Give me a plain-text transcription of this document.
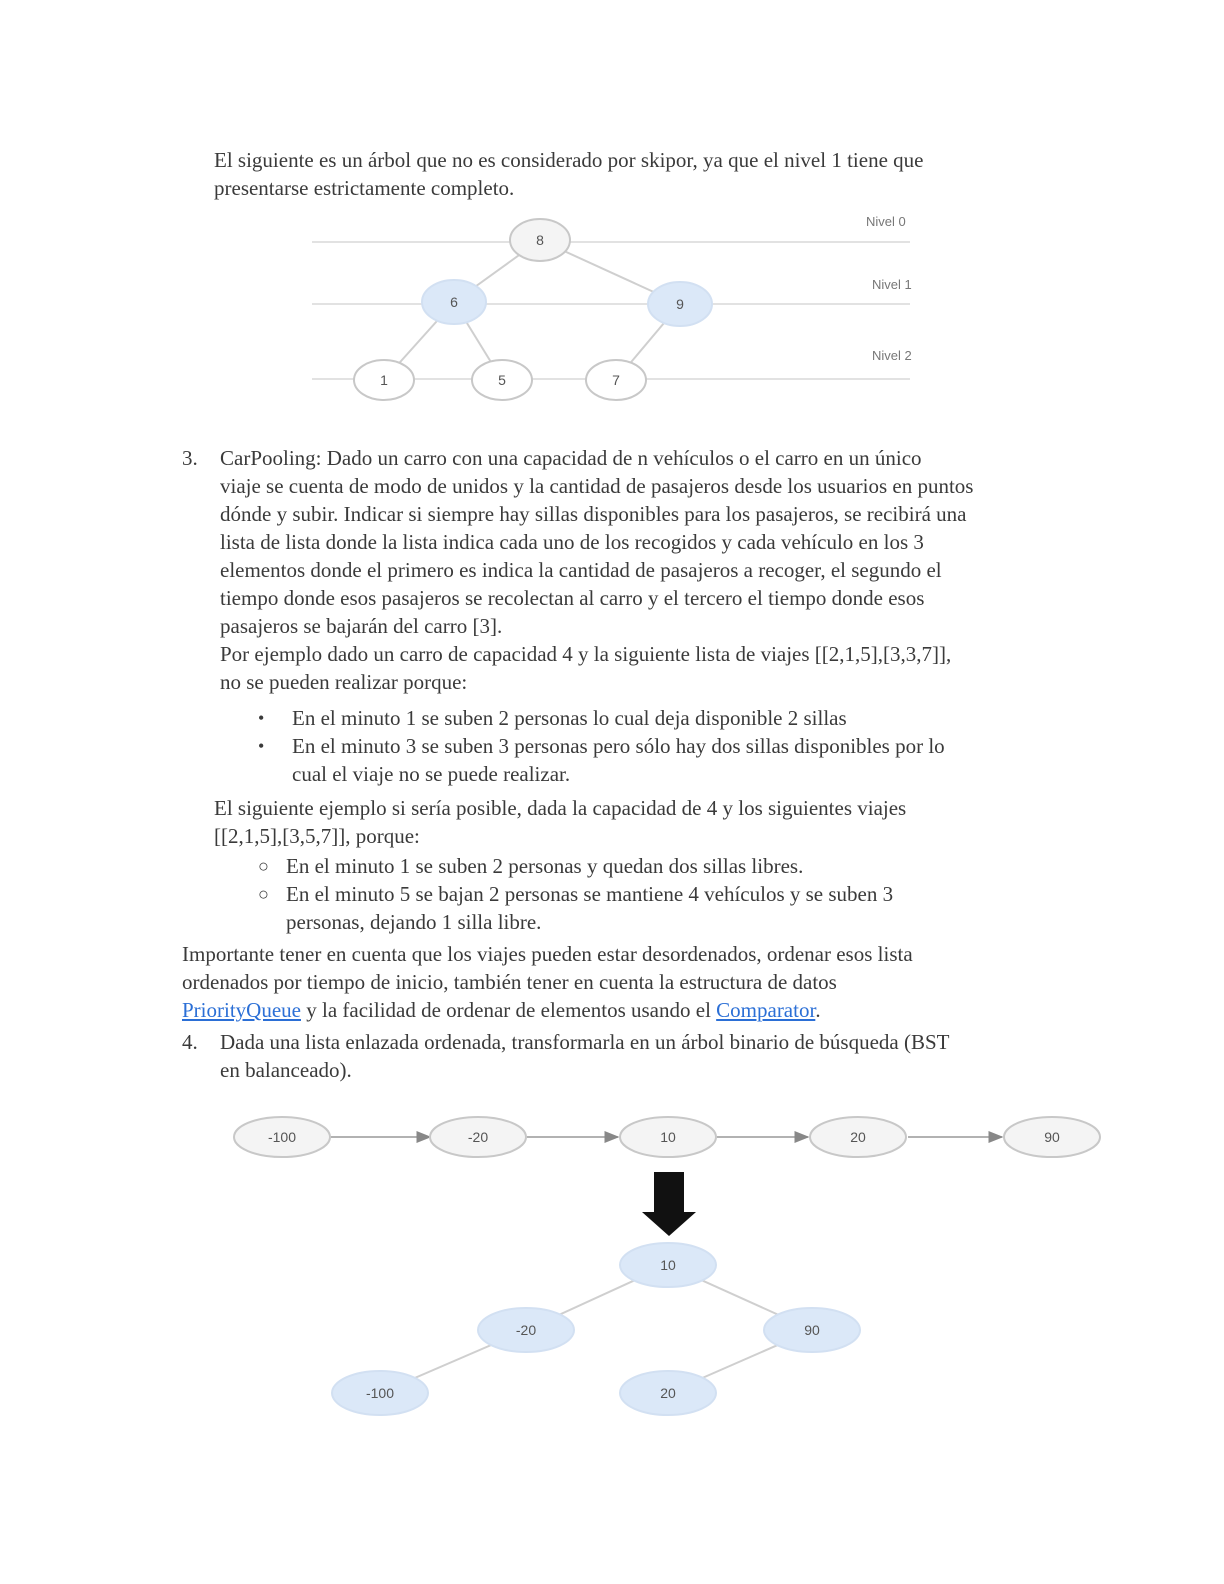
El siguiente es un árbol que no es considerado por skipor, ya que el nivel 1 tiene que

presentarse estrictamente completo.

Nivel 0
Nivel 1
Nivel 2
8
6	9
1	5	7
-100	-20	10	20	90
10
-20	90
-100	20
3. CarPooling: Dado un carro con una capacidad de n vehículos o el carro en un único

viaje se cuenta de modo de unidos y la cantidad de pasajeros desde los usuarios en puntos

dónde y subir. Indicar si siempre hay sillas disponibles para los pasajeros, se recibirá una

lista de lista donde la lista indica cada uno de los recogidos y cada vehículo en los 3

elementos donde el primero es indica la cantidad de pasajeros a recoger, el segundo el

tiempo donde esos pasajeros se recolectan al carro y el tercero el tiempo donde esos

pasajeros se bajarán del carro [3].

Por ejemplo dado un carro de capacidad 4 y la siguiente lista de viajes [[2,1,5],[3,3,7]],

no se pueden realizar porque:

•
•

En el minuto 1 se suben 2 personas lo cual deja disponible 2 sillas

En el minuto 3 se suben 3 personas pero sólo hay dos sillas disponibles por lo

cual el viaje no se puede realizar.

El siguiente ejemplo si sería posible, dada la capacidad de 4 y los siguientes viajes

[[2,1,5],[3,5,7]], porque:

○
○

En el minuto 1 se suben 2 personas y quedan dos sillas libres.

En el minuto 5 se bajan 2 personas se mantiene 4 vehículos y se suben 3

personas, dejando 1 silla libre.

Importante tener en cuenta que los viajes pueden estar desordenados, ordenar esos lista

ordenados por tiempo de inicio, también tener en cuenta la estructura de datos

PriorityQueue y la facilidad de ordenar de elementos usando el Comparator.

4. Dada una lista enlazada ordenada, transformarla en un árbol binario de búsqueda (BST

en balanceado).
